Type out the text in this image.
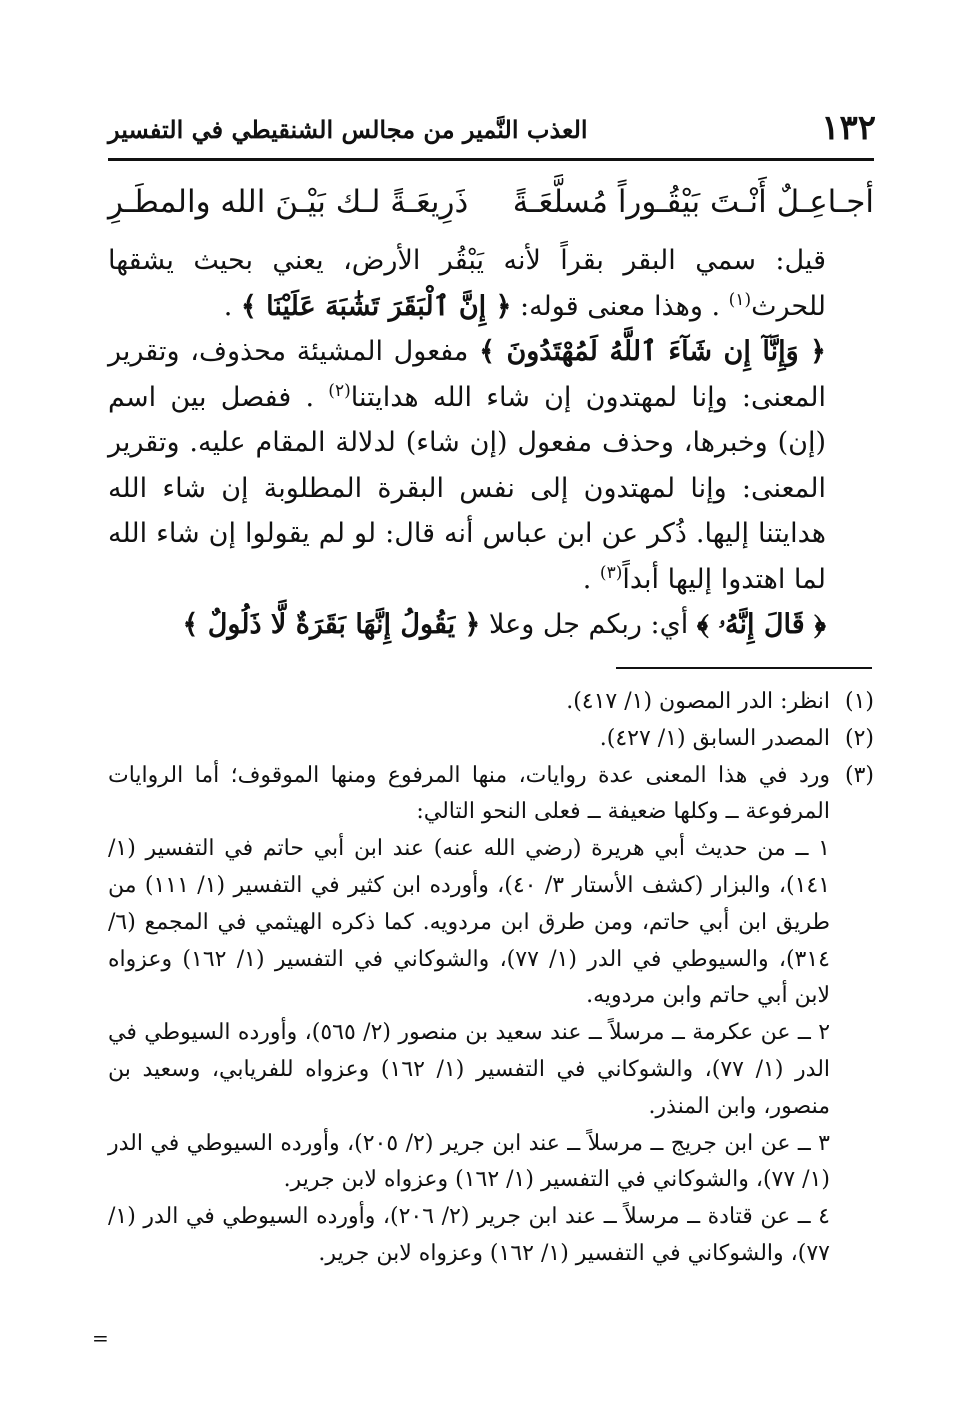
١٣٢
العذب النَّمير من مجالس الشنقيطي في التفسير
أجـاعِـلٌ أَنْـتَ بَيْقُـوراً مُسلَّعَـةً
ذَرِيعَـةً لـك بَيْـنَ الله والمطَـرِ

قيل: سمي البقر بقراً لأنه يَبْقُر الأرض، يعني بحيث يشقها للحرث$^{(١)}$ . وهذا معنى قوله: ﴿ إِنَّ ٱلْبَقَرَ تَشَٰبَهَ عَلَيْنَا ﴾ .

﴿ وَإِنَّآ إِن شَآءَ ٱللَّهُ لَمُهْتَدُونَ ﴾ مفعول المشيئة محذوف، وتقرير المعنى: وإنا لمهتدون إن شاء الله هدايتنا$^{(٢)}$ . ففصل بين اسم (إن) وخبرها، وحذف مفعول (إن شاء) لدلالة المقام عليه. وتقرير المعنى: وإنا لمهتدون إلى نفس البقرة المطلوبة إن شاء الله هدايتنا إليها. ذُكر عن ابن عباس أنه قال: لو لم يقولوا إن شاء الله لما اهتدوا إليها أبداً$^{(٣)}$ .

﴿ قَالَ إِنَّهُۥ ﴾ أي: ربكم جل وعلا ﴿ يَقُولُ إِنَّهَا بَقَرَةٌ لَّا ذَلُولٌ ﴾

(١)

انظر: الدر المصون (١/ ٤١٧).

(٢)

المصدر السابق (١/ ٤٢٧).

(٣)

ورد في هذا المعنى عدة روايات، منها المرفوع ومنها الموقوف؛ أما الروايات المرفوعة ــ وكلها ضعيفة ــ فعلى النحو التالي:

١ ــ من حديث أبي هريرة (رضي الله عنه) عند ابن أبي حاتم في التفسير (١/ ١٤١)، والبزار (كشف الأستار ٣/ ٤٠)، وأورده ابن كثير في التفسير (١/ ١١١) من طريق ابن أبي حاتم، ومن طرق ابن مردويه. كما ذكره الهيثمي في المجمع (٦/ ٣١٤)، والسيوطي في الدر (١/ ٧٧)، والشوكاني في التفسير (١/ ١٦٢) وعزواه لابن أبي حاتم وابن مردويه.

٢ ــ عن عكرمة ــ مرسلاً ــ عند سعيد بن منصور (٢/ ٥٦٥)، وأورده السيوطي في الدر (١/ ٧٧)، والشوكاني في التفسير (١/ ١٦٢) وعزواه للفريابي، وسعيد بن منصور، وابن المنذر.

٣ ــ عن ابن جريج ــ مرسلاً ــ عند ابن جرير (٢/ ٢٠٥)، وأورده السيوطي في الدر (١/ ٧٧)، والشوكاني في التفسير (١/ ١٦٢) وعزواه لابن جرير.

٤ ــ عن قتادة ــ مرسلاً ــ عند ابن جرير (٢/ ٢٠٦)، وأورده السيوطي في الدر (١/ ٧٧)، والشوكاني في التفسير (١/ ١٦٢) وعزواه لابن جرير.

=
